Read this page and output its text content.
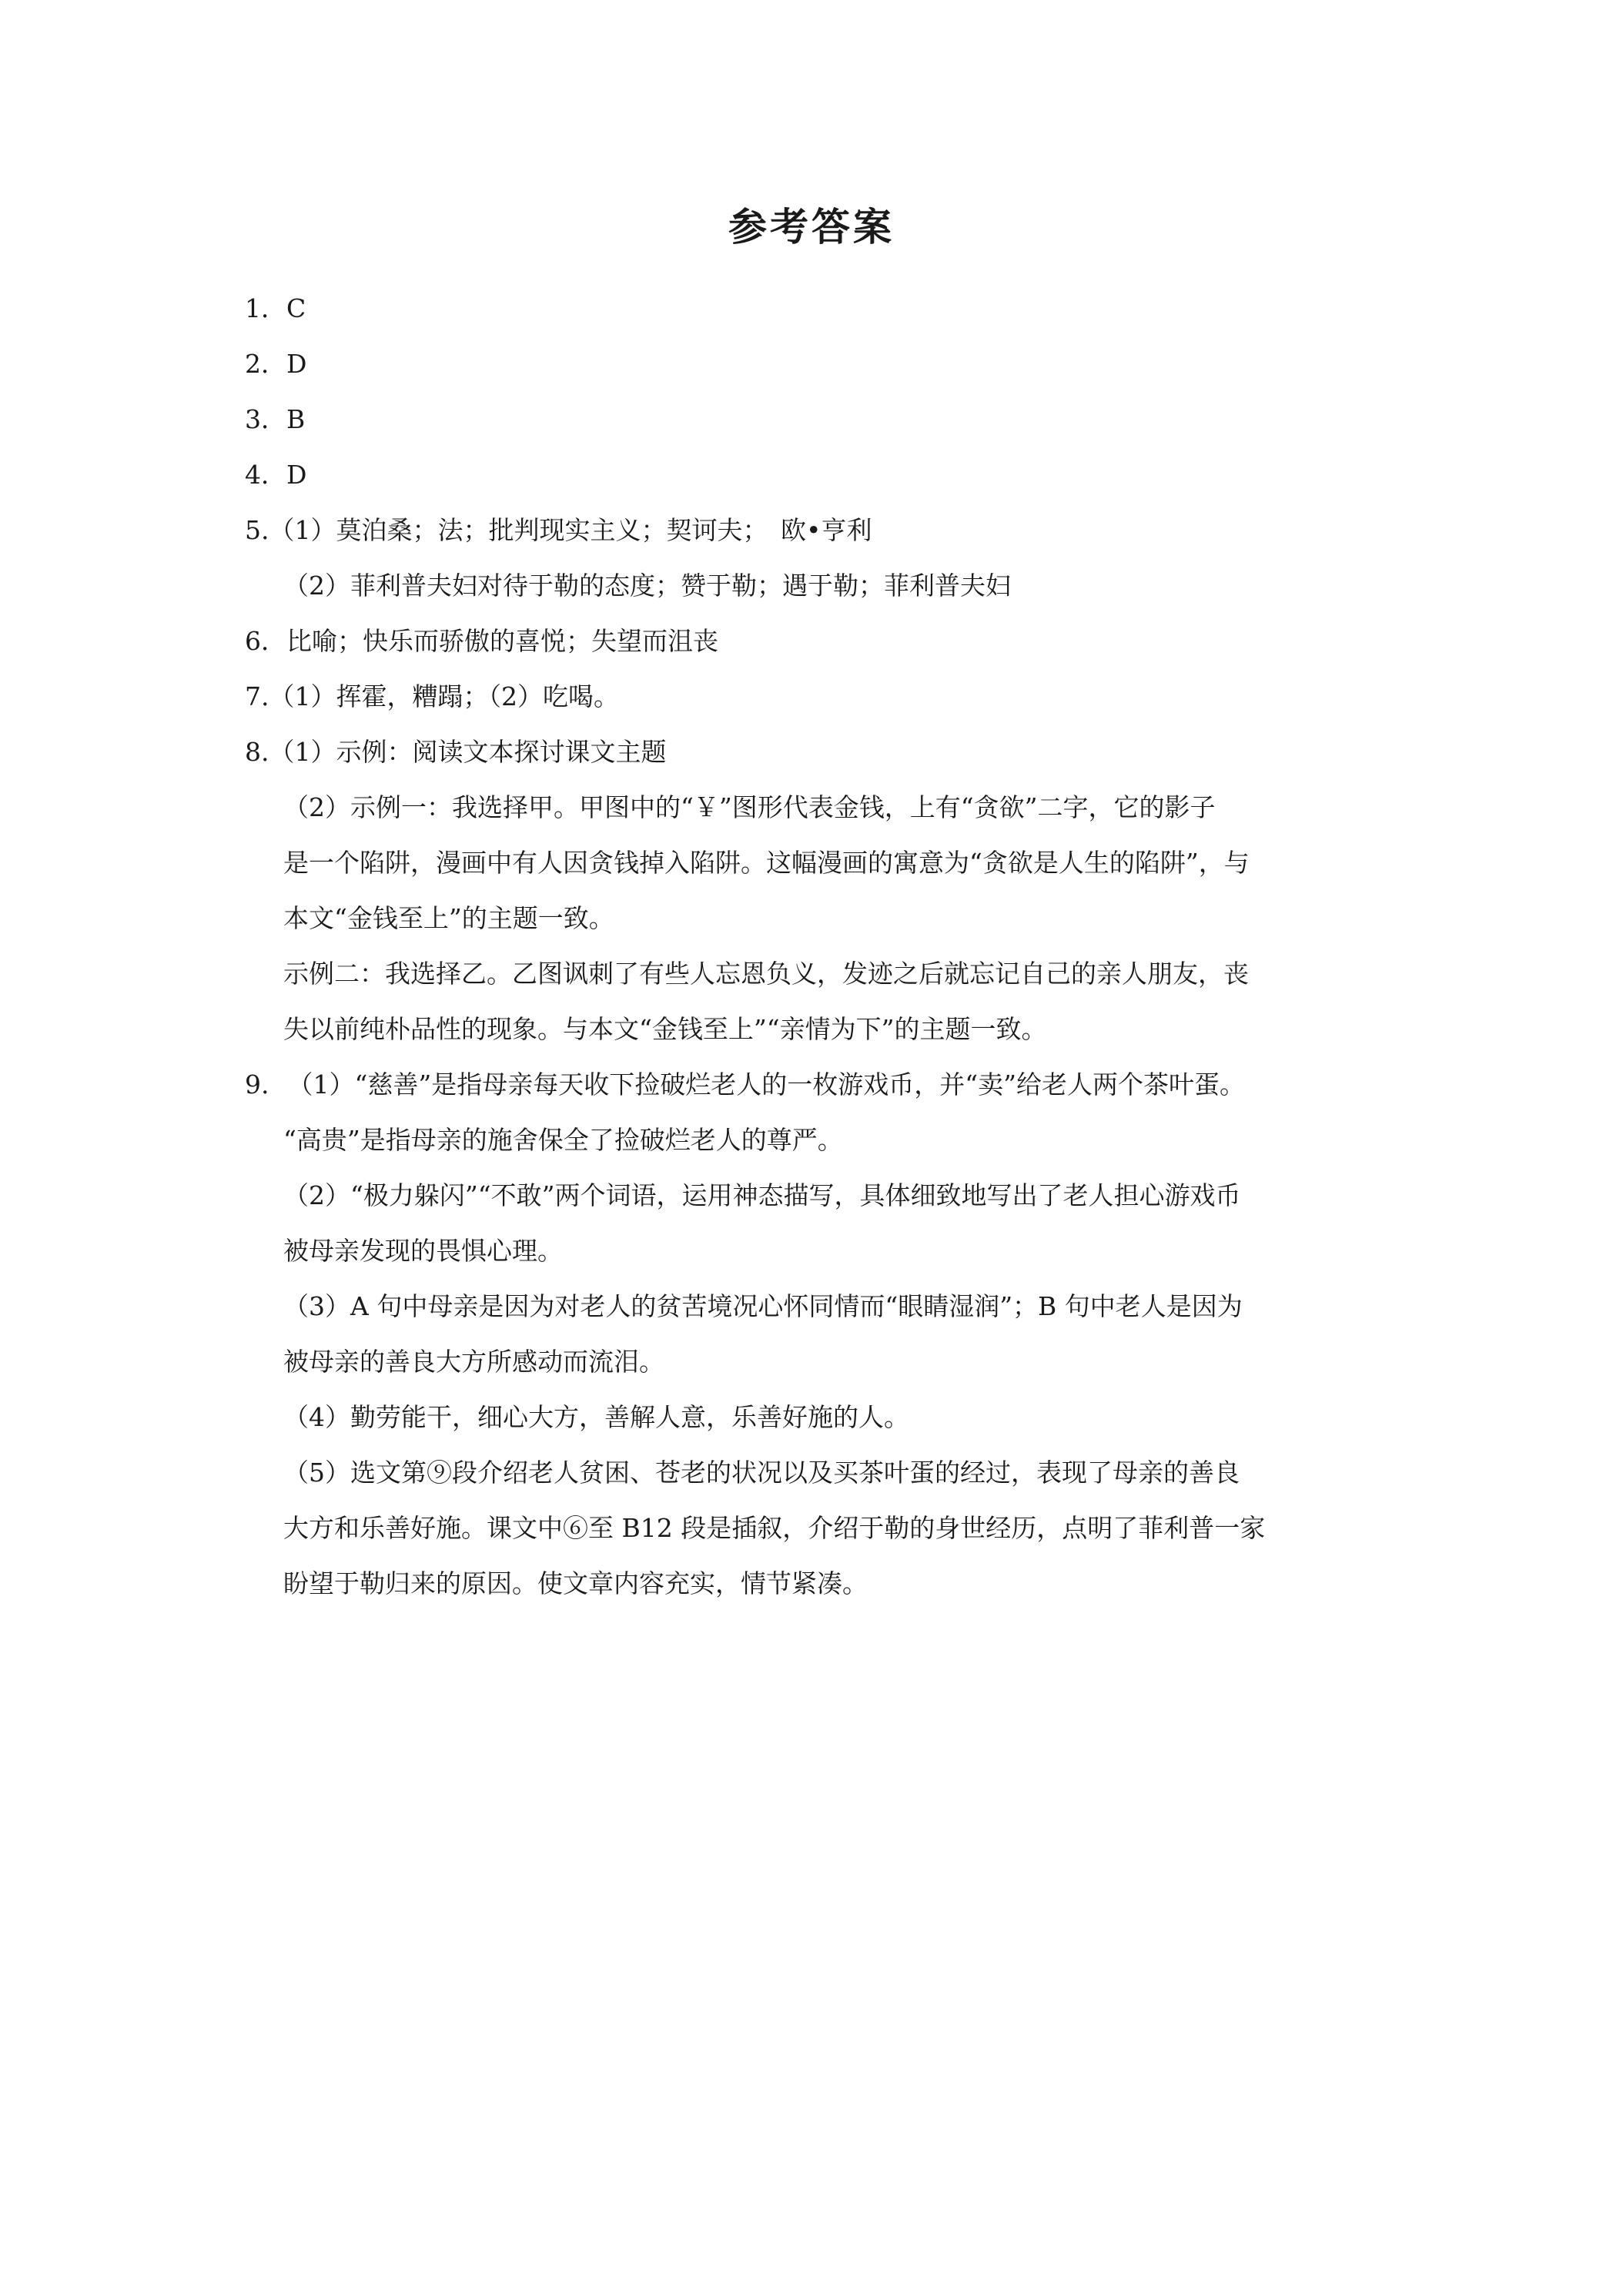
参考答案
1．C
2．D
3．B
4．D
5.（1）莫泊桑；法；批判现实主义；契诃夫；　欧•亨利
（2）菲利普夫妇对待于勒的态度；赞于勒；遇于勒；菲利普夫妇
6．比喻；快乐而骄傲的喜悦；失望而沮丧
7.（1）挥霍，糟蹋；（2）吃喝。
8.（1）示例：阅读文本探讨课文主题
（2）示例一：我选择甲。甲图中的“￥”图形代表金钱，上有“贪欲”二字，它的影子
是一个陷阱，漫画中有人因贪钱掉入陷阱。这幅漫画的寓意为“贪欲是人生的陷阱”，与
本文“金钱至上”的主题一致。
示例二：我选择乙。乙图讽刺了有些人忘恩负义，发迹之后就忘记自己的亲人朋友，丧
失以前纯朴品性的现象。与本文“金钱至上”“亲情为下”的主题一致。
9. （1）“慈善”是指母亲每天收下捡破烂老人的一枚游戏币，并“卖”给老人两个茶叶蛋。
“高贵”是指母亲的施舍保全了捡破烂老人的尊严。
（2）“极力躲闪”“不敢”两个词语，运用神态描写，具体细致地写出了老人担心游戏币
被母亲发现的畏惧心理。
（3）A 句中母亲是因为对老人的贫苦境况心怀同情而“眼睛湿润”；B 句中老人是因为
被母亲的善良大方所感动而流泪。
（4）勤劳能干，细心大方，善解人意，乐善好施的人。
（5）选文第⑨段介绍老人贫困、苍老的状况以及买茶叶蛋的经过，表现了母亲的善良
大方和乐善好施。课文中⑥至 B12 段是插叙，介绍于勒的身世经历，点明了菲利普一家
盼望于勒归来的原因。使文章内容充实，情节紧凑。
